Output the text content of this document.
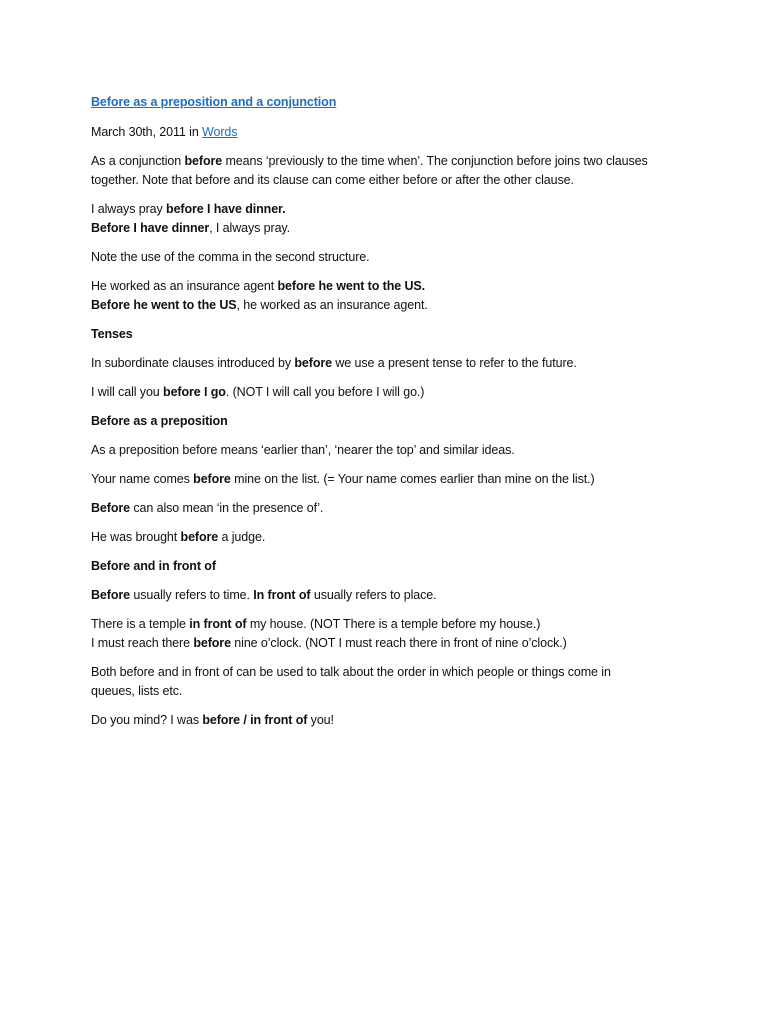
Before as a preposition and a conjunction

March 30th, 2011 in Words

As a conjunction before means ‘previously to the time when’. The conjunction before joins two clauses
together. Note that before and its clause can come either before or after the other clause.

I always pray before I have dinner.
Before I have dinner, I always pray.

Note the use of the comma in the second structure.

He worked as an insurance agent before he went to the US.
Before he went to the US, he worked as an insurance agent.

Tenses

In subordinate clauses introduced by before we use a present tense to refer to the future.

I will call you before I go. (NOT I will call you before I will go.)

Before as a preposition

As a preposition before means ‘earlier than’, ‘nearer the top’ and similar ideas.

Your name comes before mine on the list. (= Your name comes earlier than mine on the list.)

Before can also mean ‘in the presence of’.

He was brought before a judge.

Before and in front of

Before usually refers to time. In front of usually refers to place.

There is a temple in front of my house. (NOT There is a temple before my house.)
I must reach there before nine o’clock. (NOT I must reach there in front of nine o’clock.)

Both before and in front of can be used to talk about the order in which people or things come in
queues, lists etc.

Do you mind? I was before / in front of you!
